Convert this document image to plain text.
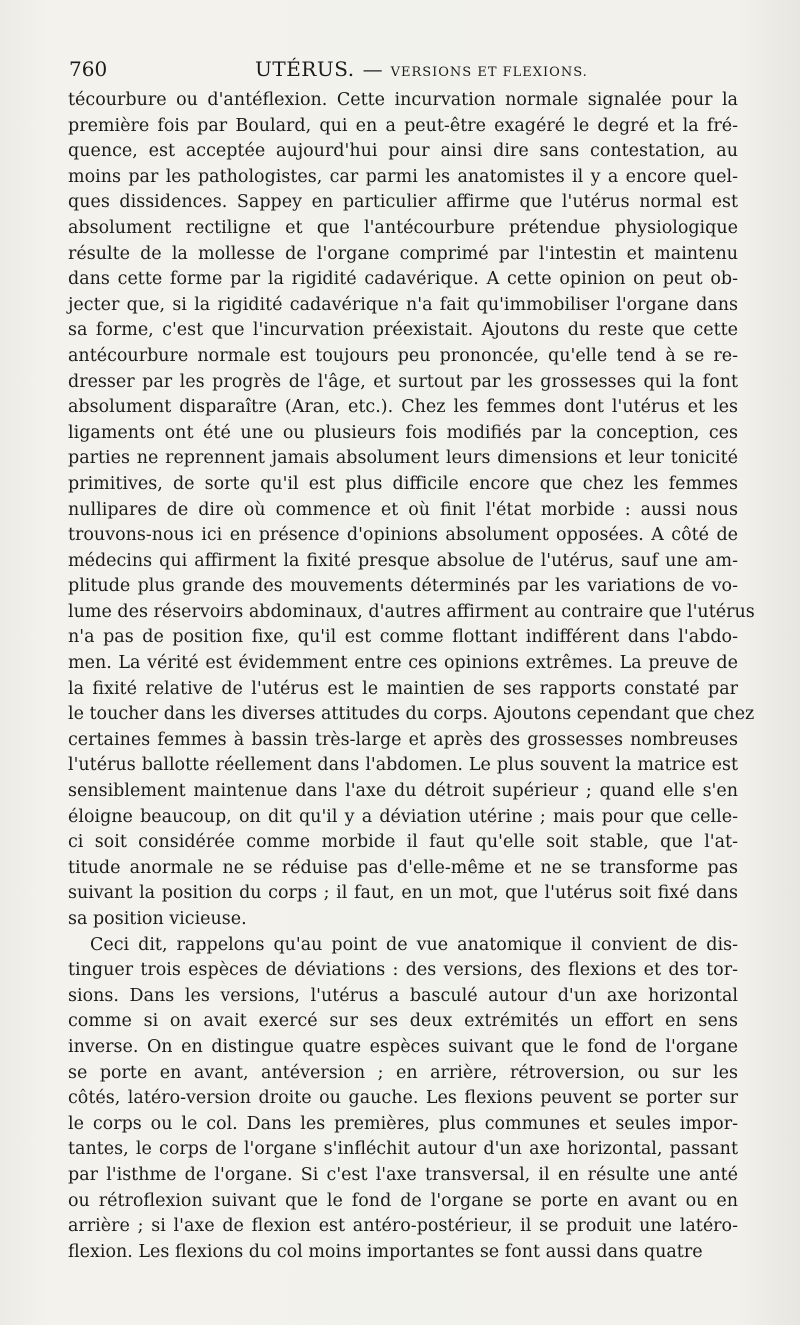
760	UTÉRUS. — VERSIONS ET FLEXIONS.

técourbure ou d'antéflexion. Cette incurvation normale signalée pour la
première fois par Boulard, qui en a peut-être exagéré le degré et la fré-
quence, est acceptée aujourd'hui pour ainsi dire sans contestation, au
moins par les pathologistes, car parmi les anatomistes il y a encore quel-
ques dissidences. Sappey en particulier affirme que l'utérus normal est
absolument rectiligne et que l'antécourbure prétendue physiologique
résulte de la mollesse de l'organe comprimé par l'intestin et maintenu
dans cette forme par la rigidité cadavérique. A cette opinion on peut ob-
jecter que, si la rigidité cadavérique n'a fait qu'immobiliser l'organe dans
sa forme, c'est que l'incurvation préexistait. Ajoutons du reste que cette
antécourbure normale est toujours peu prononcée, qu'elle tend à se re-
dresser par les progrès de l'âge, et surtout par les grossesses qui la font
absolument disparaître (Aran, etc.). Chez les femmes dont l'utérus et les
ligaments ont été une ou plusieurs fois modifiés par la conception, ces
parties ne reprennent jamais absolument leurs dimensions et leur tonicité
primitives, de sorte qu'il est plus difficile encore que chez les femmes
nullipares de dire où commence et où finit l'état morbide : aussi nous
trouvons-nous ici en présence d'opinions absolument opposées. A côté de
médecins qui affirment la fixité presque absolue de l'utérus, sauf une am-
plitude plus grande des mouvements déterminés par les variations de vo-
lume des réservoirs abdominaux, d'autres affirment au contraire que l'utérus
n'a pas de position fixe, qu'il est comme flottant indifférent dans l'abdo-
men. La vérité est évidemment entre ces opinions extrêmes. La preuve de
la fixité relative de l'utérus est le maintien de ses rapports constaté par
le toucher dans les diverses attitudes du corps. Ajoutons cependant que chez
certaines femmes à bassin très-large et après des grossesses nombreuses
l'utérus ballotte réellement dans l'abdomen. Le plus souvent la matrice est
sensiblement maintenue dans l'axe du détroit supérieur ; quand elle s'en
éloigne beaucoup, on dit qu'il y a déviation utérine ; mais pour que celle-
ci soit considérée comme morbide il faut qu'elle soit stable, que l'at-
titude anormale ne se réduise pas d'elle-même et ne se transforme pas
suivant la position du corps ; il faut, en un mot, que l'utérus soit fixé dans
sa position vicieuse.

Ceci dit, rappelons qu'au point de vue anatomique il convient de dis-
tinguer trois espèces de déviations : des versions, des flexions et des tor-
sions. Dans les versions, l'utérus a basculé autour d'un axe horizontal
comme si on avait exercé sur ses deux extrémités un effort en sens
inverse. On en distingue quatre espèces suivant que le fond de l'organe
se porte en avant, antéversion ; en arrière, rétroversion, ou sur les
côtés, latéro-version droite ou gauche. Les flexions peuvent se porter sur
le corps ou le col. Dans les premières, plus communes et seules impor-
tantes, le corps de l'organe s'infléchit autour d'un axe horizontal, passant
par l'isthme de l'organe. Si c'est l'axe transversal, il en résulte une anté
ou rétroflexion suivant que le fond de l'organe se porte en avant ou en
arrière ; si l'axe de flexion est antéro-postérieur, il se produit une latéro-
flexion. Les flexions du col moins importantes se font aussi dans quatre
